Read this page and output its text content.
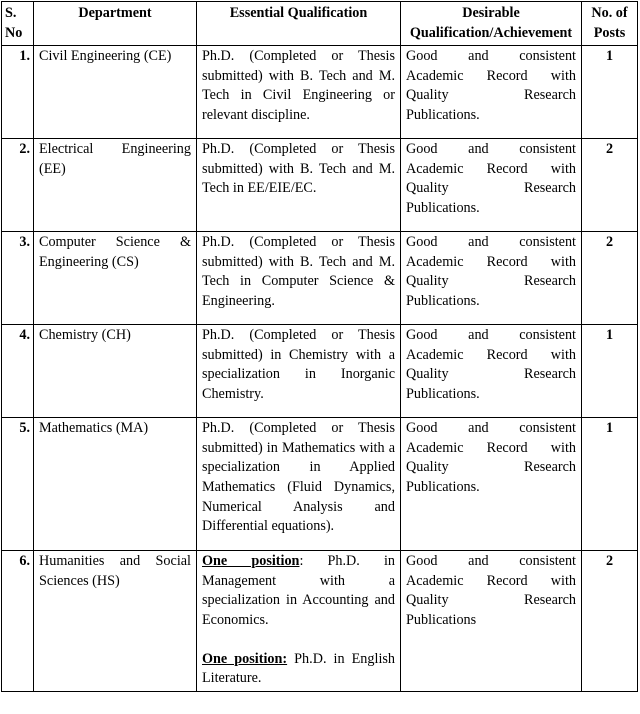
S. No	Department	Essential Qualification	Desirable Qualification/Achievement	No. of Posts
1.	Civil Engineering (CE)	Ph.D. (Completed or Thesis submitted) with B. Tech and M. Tech in Civil Engineering or relevant discipline.	Good and consistent Academic Record with Quality Research Publications.	1
2.	Electrical Engineering (EE)	Ph.D. (Completed or Thesis submitted) with B. Tech and M. Tech in EE/EIE/EC.	Good and consistent Academic Record with Quality Research Publications.	2
3.	Computer Science & Engineering (CS)	Ph.D. (Completed or Thesis submitted) with B. Tech and M. Tech in Computer Science & Engineering.	Good and consistent Academic Record with Quality Research Publications.	2
4.	Chemistry (CH)	Ph.D. (Completed or Thesis submitted) in Chemistry with a specialization in Inorganic Chemistry.	Good and consistent Academic Record with Quality Research Publications.	1
5.	Mathematics (MA)	Ph.D. (Completed or Thesis submitted) in Mathematics with a specialization in Applied Mathematics (Fluid Dynamics, Numerical Analysis and Differential equations).	Good and consistent Academic Record with Quality Research Publications.	1
6.	Humanities and Social Sciences (HS)	One position: Ph.D. in Management with a specialization in Accounting and Economics.
One position: Ph.D. in English Literature.	Good and consistent Academic Record with Quality Research Publications	2
